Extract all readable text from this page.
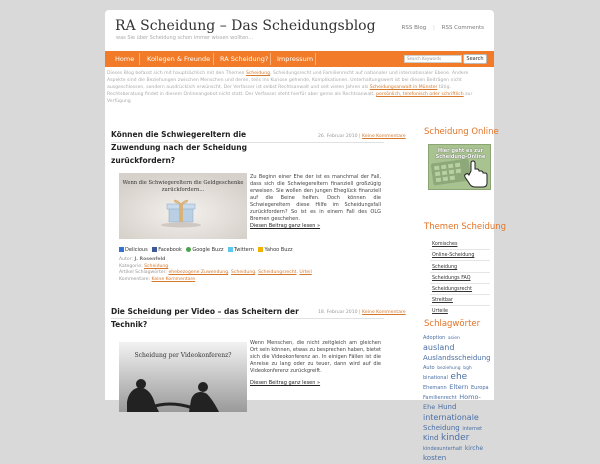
RA Scheidung – Das Scheidungsblog
was Sie über Scheidung schon immer wissen wollten...
RSS Blog | RSS Comments
Home Kollegen & Freunde RA Scheidung? Impressum	Search Keywords	Search
Dieses Blog befasst sich mit hauptsächlich mit den Themen Scheidung, Scheidungsrecht und Familienrecht auf nationaler und internationaler Ebene. Andere Aspekte sind die Beziehungen zwischen Menschen und deren, teils ins Kuriose gehende, Komplikationen. Unterhaltungswert ist bei diesen Beiträgen nicht ausgeschlossen, sondern ausdrücklich erwünscht. Der Verfasser ist selbst Rechtsanwalt und seit vielen Jahren als Scheidungsanwalt in Münster tätig. Rechtsberatung findet in diesem Onlineangebot nicht statt. Der Verfasser steht hierfür aber gerne als Rechtsanwalt, persönlich, telefonisch oder schriftlich zur Verfügung
Können die Schwiegereltern die Zuwendung nach der Scheidung zurückfordern?
26. Februar 2010 | Keine Kommentare
Wenn die Schwiegereltern die Geldgeschenke zurückfordern...
Zu Beginn einer Ehe der ist es manchmal der Fall, dass sich die Schwiegereltern finanziell großzügig erweisen. Sie wollen den jungen Eheglück finanziell auf die Beine helfen. Doch können die Schwiegereltern diese Hilfe im Scheidungsfall zurückfordern? So ist es in einem Fall des OLG Bremen geschehen.
Diesen Beitrag ganz lesen »
Delicious Facebook Google Buzz Twittern Yahoo Buzz
Autor: J. Rosenfeld
Kategorie: Scheidung
Artikel Schlagwörter: ehebezogene Zuwendung, Scheidung, Scheidungsrecht, Urteil
Kommentare: Keine Kommentare
Die Scheidung per Video – das Scheitern der Technik?
18. Februar 2010 | Keine Kommentare
Scheidung per Videokonferenz?
Wenn Menschen, die nicht zeitgleich am gleichen Ort sein können, etwas zu besprechen haben, bietet sich die Videokonferenz an. In einigen Fällen ist die Anreise zu lang oder zu teuer, dann wird auf die Videokonferenz zurückgreift.
Diesen Beitrag ganz lesen »
Scheidung Online
Hier geht es zur
Scheidung-Online
Themen Scheidung
Komisches
Online-Scheidung
Scheidung
Scheidungs FAQ
Scheidungsrecht
Streitbar
Urteile
Schlagwörter
Adoption asien ausland Auslandsscheidung Auto beziehung bgh binational ehe Ehemann Eltern Europa Familienrecht Homo-Ehe Hund internationale Scheidung internet Kind kinder kindesunterhalt kirche kosten
